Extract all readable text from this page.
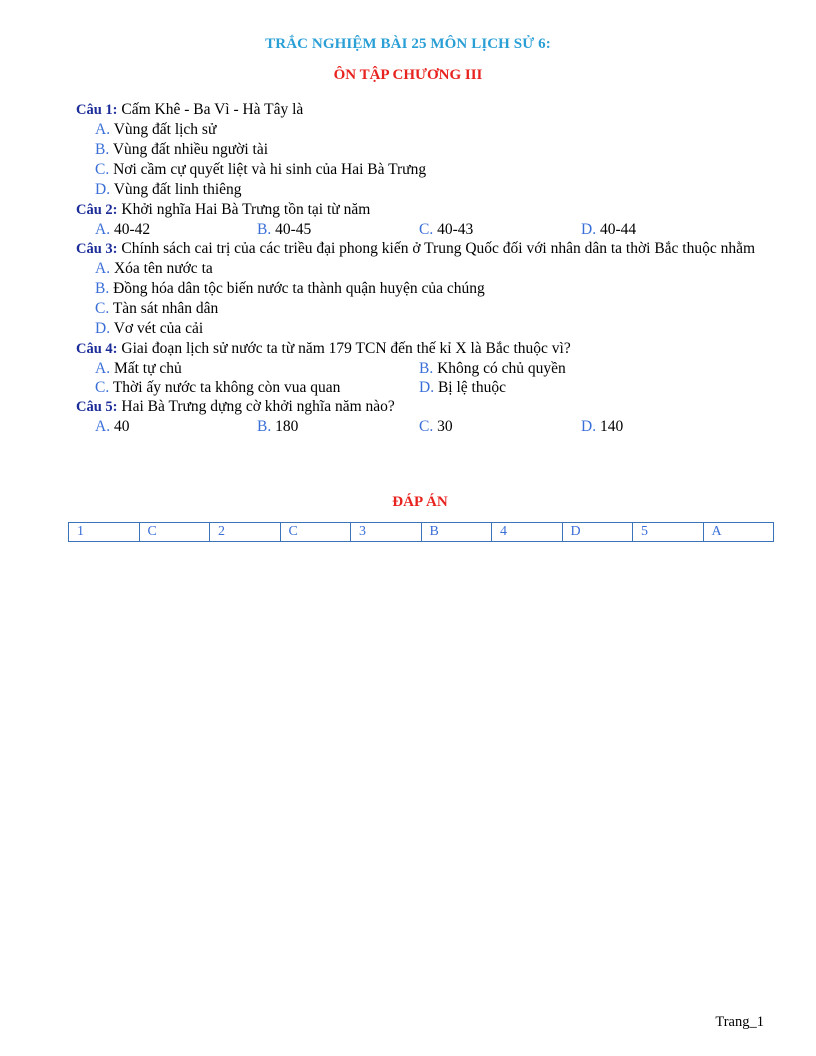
TRẮC NGHIỆM BÀI 25 MÔN LỊCH SỬ 6:
ÔN TẬP CHƯƠNG III
Câu 1: Cấm Khê - Ba Vì - Hà Tây là
A. Vùng đất lịch sử
B. Vùng đất nhiều người tài
C. Nơi cầm cự quyết liệt và hi sinh của Hai Bà Trưng
D. Vùng đất linh thiêng
Câu 2: Khởi nghĩa Hai Bà Trưng tồn tại từ năm
A. 40-42	B. 40-45	C. 40-43	D. 40-44
Câu 3: Chính sách cai trị của các triều đại phong kiến ở Trung Quốc đối với nhân dân ta thời Bắc thuộc nhằm
A. Xóa tên nước ta
B. Đồng hóa dân tộc biến nước ta thành quận huyện của chúng
C. Tàn sát nhân dân
D. Vơ vét của cải
Câu 4: Giai đoạn lịch sử nước ta từ năm 179 TCN đến thế kỉ X là Bắc thuộc vì?
A. Mất tự chủ	B. Không có chủ quyền
C. Thời ấy nước ta không còn vua quan	D. Bị lệ thuộc
Câu 5: Hai Bà Trưng dựng cờ khởi nghĩa năm nào?
A. 40	B. 180	C. 30	D. 140
ĐÁP ÁN
1	C	2	C	3	B	4	D	5	A
Trang_1
